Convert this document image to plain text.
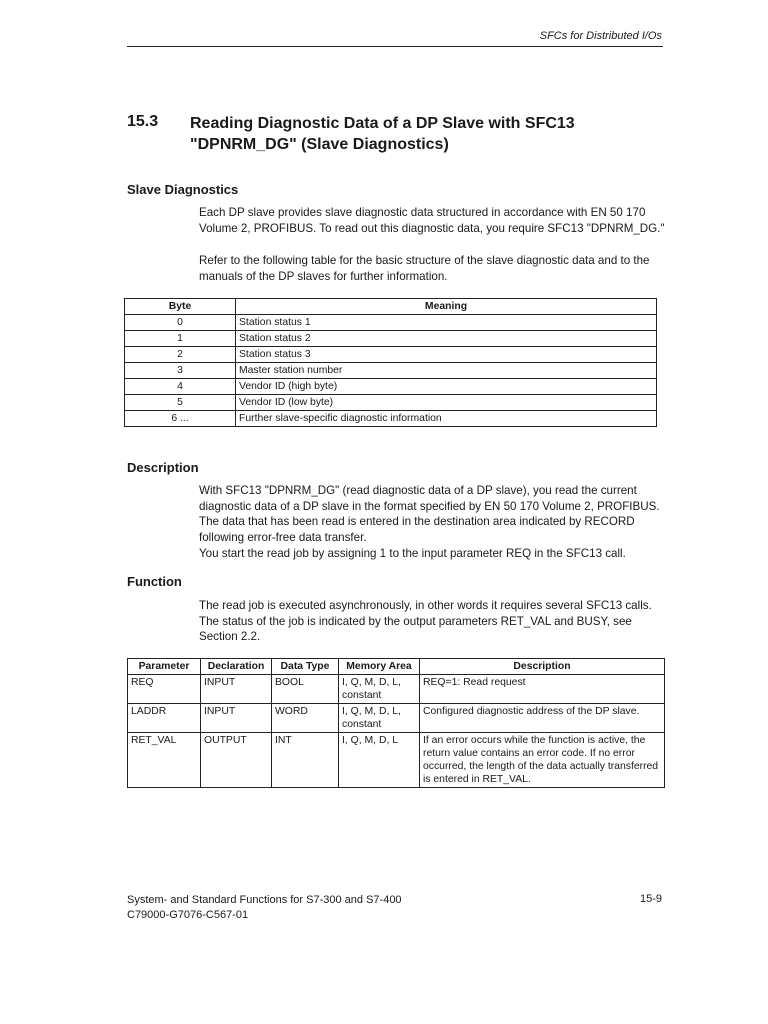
SFCs for Distributed I/Os
15.3 Reading Diagnostic Data of a DP Slave with SFC13 "DPNRM_DG" (Slave Diagnostics)
Slave Diagnostics

Each DP slave provides slave diagnostic data structured in accordance with EN 50 170 Volume 2, PROFIBUS. To read out this diagnostic data, you require SFC13 "DPNRM_DG."

Refer to the following table for the basic structure of the slave diagnostic data and to the manuals of the DP slaves for further information.

Byte	Meaning
0	Station status 1
1	Station status 2
2	Station status 3
3	Master station number
4	Vendor ID (high byte)
5	Vendor ID (low byte)
6 ...	Further slave-specific diagnostic information
Description

With SFC13 "DPNRM_DG" (read diagnostic data of a DP slave), you read the current diagnostic data of a DP slave in the format specified by EN 50 170 Volume 2, PROFIBUS. The data that has been read is entered in the destination area indicated by RECORD following error-free data transfer.

You start the read job by assigning 1 to the input parameter REQ in the SFC13 call.

Function

The read job is executed asynchronously, in other words it requires several SFC13 calls. The status of the job is indicated by the output parameters RET_VAL and BUSY, see Section 2.2.

Parameter	Declaration	Data Type	Memory Area	Description
REQ	INPUT	BOOL	I, Q, M, D, L, constant	REQ=1: Read request
LADDR	INPUT	WORD	I, Q, M, D, L, constant	Configured diagnostic address of the DP slave.
RET_VAL	OUTPUT	INT	I, Q, M, D, L	If an error occurs while the function is active, the return value contains an error code. If no error occurred, the length of the data actually transferred is entered in RET_VAL.
System- and Standard Functions for S7-300 and S7-400
C79000-G7076-C567-01
15-9
